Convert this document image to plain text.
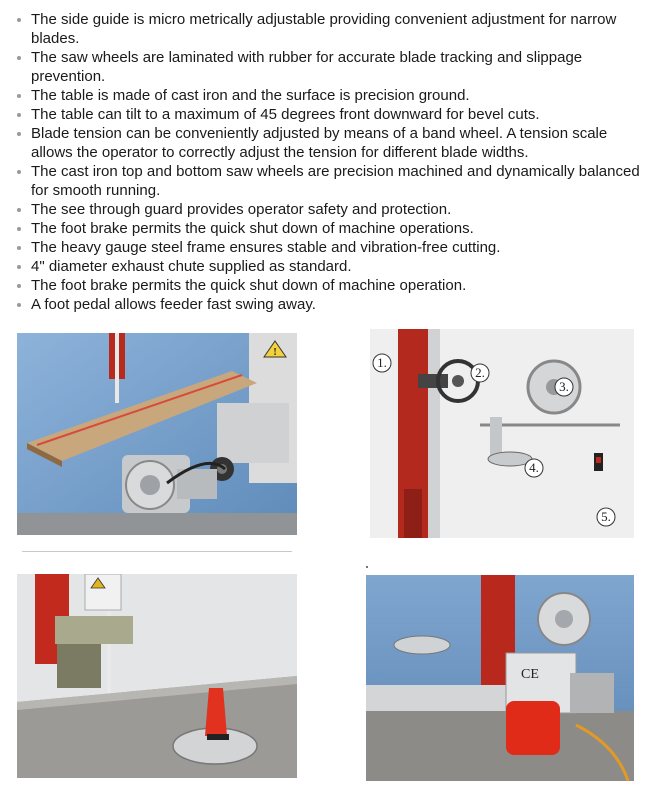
The side guide is micro metrically adjustable providing convenient adjustment for narrow blades.
The saw wheels are laminated with rubber for accurate blade tracking and slippage prevention.
The table is made of cast iron and the surface is precision ground.
The table can tilt to a maximum of 45 degrees front downward for bevel cuts.
Blade tension can be conveniently adjusted by means of a band wheel. A tension scale allows the operator to correctly adjust the tension for different blade widths.
The cast iron top and bottom saw wheels are precision machined and dynamically balanced for smooth running.
The see through guard provides operator safety and protection.
The foot brake permits the quick shut down of machine operations.
The heavy gauge steel frame ensures stable and vibration-free cutting.
4" diameter exhaust chute supplied as standard.
The foot brake permits the quick shut down of machine operation.
A foot pedal allows feeder fast swing away.
!
1.
2.
3.
4.
5.
CE
